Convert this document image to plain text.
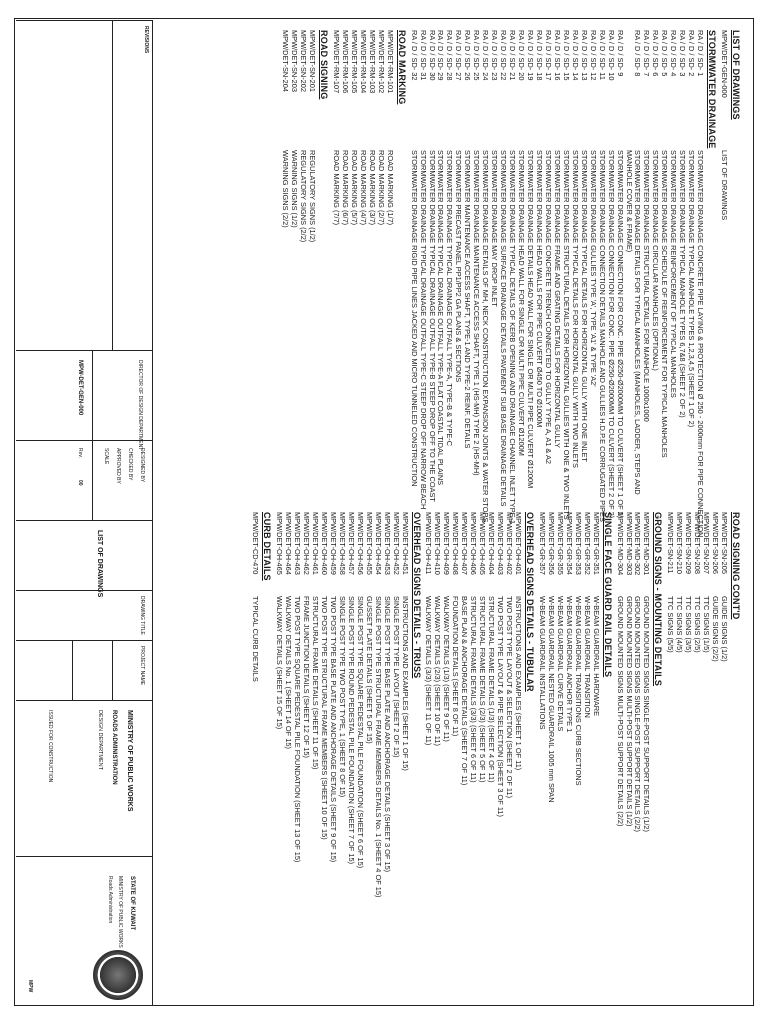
LIST OF DRAWINGS
MPW/DET-GEN-000
LIST OF DRAWINGS
STORMWATER DRAINAGE
RA / D / SD- 1
STORMWATER DRAINAGE CONCRETE PIPE LAYING & PROTECTION Ø 250 - 2000mm FOR PIPE CONNECTION
RA / D / SD- 2
STORMWATER DRAINAGE TYPICAL MANHOLE TYPES 1,2,3,4,5 (SHEET 1 OF 2)
RA / D / SD- 3
STORMWATER DRAINAGE TYPICAL MANHOLE TYPES 6,7&8 (SHEET 2 OF 2)
RA / D / SD- 4
STORMWATER DRAINAGE REINFORCEMENT OF TYPICAL MANHOLES
RA / D / SD- 5
STORMWATER DRAINAGE SCHEDULE OF REINFORCEMENT FOR TYPICAL MANHOLES
RA / D / SD- 6
STORMWATER DRAINAGE CIRCULAR MANHOLES (OPTIONAL)
RA / D / SD- 7
STORMWATER DRAINAGE STRUCTURAL DETAILS FOR MANHOLE 1000x1000
RA / D / SD- 8
STORMWATER DRAINAGE DETAILS FOR TYPICAL MANHOLES (MANHOLES, LADDER, STEPS AND
MANHOLE COVER & FRAME)
RA / D / SD- 9
STORMWATER DRAINAGE CONNECTION FOR CONC. PIPE Ø250-Ø2000MM TO CULVERT (SHEET 1 OF 2)
RA / D / SD- 10
STORMWATER DRAINAGE CONNECTION FOR CONC. PIPE Ø250-Ø2000MM TO CULVERT (SHEET 2 OF 2)
RA / D / SD- 11
STORMWATER DRAINAGE CONNECTION DETAILS MANHOLE AND GULLIES H.D.P.E CORRUGATED PIPES
RA / D / SD- 12
STORMWATER DRAINAGE GULLIES TYPE 'A', TYPE 'A1' & TYPE 'A2'
RA / D / SD- 13
STORMWATER DRAINAGE TYPICAL DETAILS FOR HORIZONTAL GULLY WITH ONE INLET
RA / D / SD- 14
STORMWATER DRAINAGE TYPICAL DETAILS FOR HORIZONTAL GULLY WITH TWO INLETS
RA / D / SD- 15
STORMWATER DRAINAGE STRUCTURAL DETAILS FOR HORIZONTAL GULLIES WITH ONE & TWO INLETS
RA / D / SD- 16
STORMWATER DRAINAGE FRAME AND GRATING DETAILS FOR HORIZONTAL GULLY
RA / D / SD- 17
STORMWATER DRAINAGE CONCRETE TRENCH CONNECTED TO GULLY TYPE A, A1 & A2
RA / D / SD- 18
STORMWATER DRAINAGE HEAD WALLS FOR PIPE CULVERT Ø450 TO Ø1000M
RA / D / SD- 19
STORMWATER DRAINAGE DETAILS HEAD WALL FOR SINGLE OR MULTI PIPE CULVERT Ø1200M
RA / D / SD- 20
STORMWATER DRAINAGE HEAD WALL FOR SINGLE OR MULTI PIPE CULVERT Ø1200M
RA / D / SD- 21
STORMWATER DRAINAGE TYPICAL DETAILS OF KERB OPENING AND DRAINAGE CHANNEL INLET TYPE-1
RA / D / SD- 22
STORMWATER DRAINAGE SURFACE DRAINAGE DETAILS PAVEMENT SUB BASE DRAINAGE DETAILS
RA / D / SD- 23
STORMWATER DRAINAGE MAY DROP INLET
RA / D / SD- 24
STORMWATER DRAINAGE DETAILS OF MH, NECK CONSTRUCTION EXPANSION JOINTS & WATER STOPS
RA / D / SD- 25
STORMWATER DRAINAGE MAINTENANCE ACCESS SHAFT, TYPE 1 (HS-MH) TYPE 2 (HS-MH)
RA / D / SD- 26
STORMWATER MAINTENANCE ACCESS SHAFT, TYPE-1 AND TYPE-2 REINF. DETAILS
RA / D / SD- 27
STORMWATER PRECAST PANEL PP1/PP2 GA PLANS & SECTIONS
RA / D / SD- 28
STORMWATER DRAINAGE TYPICAL DRAINAGE OUTFALL TYPE-A, TYPE-B & TYPE-C
RA / D / SD- 29
STORMWATER DRAINAGE TYPICAL DRAINAGE OUTFALL TYPE-A FLAT COASTAL TIDAL PLAINS
RA / D / SD- 30
STORMWATER DRAINAGE TYPICAL DRAINAGE OUTFALL TYPE-B STEEP DROP OFF TO THE COAST
RA / D / SD- 31
STORMWATER DRAINAGE TYPICAL DRAINAGE OUTFALL TYPE-C STEEP DROP OFF NARROW BEACH
RA / D / SD- 32
STORMWATER DRAINAGE RIGID PIPE LINES JACKED AND MICRO TUNNELED CONSTRUCTION
ROAD MARKING
MPW/DET-RM-101
ROAD MARKING (1/7)
MPW/DET-RM-102
ROAD MARKING (2/7)
MPW/DET-RM-103
ROAD MARKING (3/7)
MPW/DET-RM-104
ROAD MARKING (4/7)
MPW/DET-RM-105
ROAD MARKING (5/7)
MPW/DET-RM-106
ROAD MARKING (6/7)
MPW/DET-RM-107
ROAD MARKING (7/7)
ROAD SIGNING
MPW/DET-SN-201
REGULATORY SIGNS (1/2)
MPW/DET-SN-202
REGULATORY SIGNS (2/2)
MPW/DET-SN-203
WARNING SIGNS (1/2)
MPW/DET-SN-204
WARNING SIGNS (2/2)
ROAD SIGNING CONT'D
MPW/DET-SN-205
GUIDE SIGNS (1/2)
MPW/DET-SN-206
GUIDE SIGNS (2/2)
MPW/DET-SN-207
TTC SIGNS (1/5)
MPW/DET-SN-208
TTC SIGNS (2/5)
MPW/DET-SN-209
TTC SIGNS (3/5)
MPW/DET-SN-210
TTC SIGNS (4/5)
MPW/DET-SN-211
TTC SIGNS (5/5)
GROUND SIGNS - MOUNTING DETAILS
MPW/DET-MD-301
GROUND MOUNTED SIGNS SINGLE-POST SUPPORT DETAILS (1/2)
MPW/DET-MD-302
GROUND MOUNTED SIGNS SINGLE-POST SUPPORT DETAILS (2/2)
MPW/DET-MD-303
GROUND MOUNTED SIGNS MULTI-POST SUPPORT DETAILS (1/2)
MPW/DET-MD-304
GROUND MOUNTED SIGNS MULTI-POST SUPPORT DETAILS (2/2)
SINGLE FACE GUARD RAIL DETAILS
MPW/DET-GR-351
W-BEAM GUARDRAIL HARDWARE
MPW/DET-GR-352
W-BEAM GUARDRAIL TRANSITION
MPW/DET-GR-353
W-BEAM GUARDRAIL TRANSITIONS CURB SECTIONS
MPW/DET-GR-354
W-BEAM GUARDRAIL ANCHOR TYPE 1
MPW/DET-GR-355
W-BEAM GUARDRAIL CURVE DETAILS
MPW/DET-GR-356
W-BEAM GUARDRAIL NESTED GUARDRAIL 1005 mm SPAN
MPW/DET-GR-357
W-BEAM GUARDRAIL INSTALLATIONS
OVERHEAD SIGNS DETAILS - TUBULAR
MPW/DET-OH-401
INSTRUCTIONS AND EXAMPLES (SHEET 1 OF 11)
MPW/DET-OH-402
TWO POST TYPE LAYOUT & SELECTION (SHEET 2 OF 11)
MPW/DET-OH-403
TWO POST TYPE LAYOUT & PIPE SELECTION (SHEET 3 OF 11)
MPW/DET-OH-404
STRUCTURAL FRAME DETAILS (1/3) (SHEET 4 OF 11)
MPW/DET-OH-405
STRUCTURAL FRAME DETAILS (2/3) (SHEET 5 OF 11)
MPW/DET-OH-406
STRUCTURAL FRAME DETAILS (3/3) (SHEET 6 OF 11)
MPW/DET-OH-407
BASE PLAN & ANCHORAGE DETAILS (SHEET 7 OF 11)
MPW/DET-OH-408
FOUNDATION DETAILS (SHEET 8 OF 11)
MPW/DET-OH-409
WALKWAY DETAILS (1/3) (SHEET 9 OF 11)
MPW/DET-OH-410
WALKWAY DETAILS (2/3) (SHEET 10 OF 11)
MPW/DET-OH-411
WALKWAY DETAILS (3/3) (SHEET 11 OF 11)
OVERHEAD SIGNS DETAILS - TRUSS
MPW/DET-OH-451
INSTRUCTIONS AND EXAMPLES (SHEET 1 OF 15)
MPW/DET-OH-452
SINGLE POST TYPE LAYOUT (SHEET 2 OF 15)
MPW/DET-OH-453
SINGLE POST TYPE BASE PLATE AND ANCHORAGE DETAILS (SHEET 3 OF 15)
MPW/DET-OH-454
SINGLE POST TYPE STRUCTURAL FRAME MEMBERS DETAILS No. 1 (SHEET 4 OF 15)
MPW/DET-OH-455
GUSSET PLATE DETAILS (SHEET 5 OF 15)
MPW/DET-OH-456
SINGLE POST TYPE SQUARE PEDESTAL PILE FOUNDATION (SHEET 6 OF 15)
MPW/DET-OH-457
SINGLE POST TYPE ROUND PEDESTAL PILE FOUNDATION (SHEET 7 OF 15)
MPW/DET-OH-458
SINGLE POST TYPE TWO POST TYPE, 1 (SHEET 8 OF 15)
MPW/DET-OH-459
TWO POST TYPE BASE PLATE AND ANCHORAGE DETAILS (SHEET 9 OF 15)
MPW/DET-OH-460
TWO POST TYPE STRUCTURAL FRAME MEMBERS (SHEET 10 OF 15)
MPW/DET-OH-461
STRUCTURAL FRAME DETAILS (SHEET 11 OF 15)
MPW/DET-OH-462
FRAME JUNCTION DETAILS (SHEET 12 OF 15)
MPW/DET-OH-463
TWO POST TYPE SQUARE PEDESTAL PILE FOUNDATION (SHEET 13 OF 15)
MPW/DET-OH-464
WALKWAY DETAILS No. 1 (SHEET 14 OF 15)
MPW/DET-OH-465
WALKWAY DETAILS (SHEET 15 OF 15)
CURB DETAILS
MPW/DET-CD-470
TYPICAL CURB DETAILS
REVISIONS
DIRECTOR OF DESIGN DEPARTMENT
MPW-DET-GEN-000
DESIGNED BY
CHECKED BY
APPROVED BY
SCALE
Rev.
00
LIST OF DRAWINGS
DRAWING TITLE
PROJECT NAME
MINISTRY OF PUBLIC WORKS
ROADS ADMINISTRATION
DESIGN DEPARTMENT
ISSUED FOR CONSTRUCTION
STATE OF KUWAIT
MINISTRY OF PUBLIC WORKS
Roads Administration
MPW
